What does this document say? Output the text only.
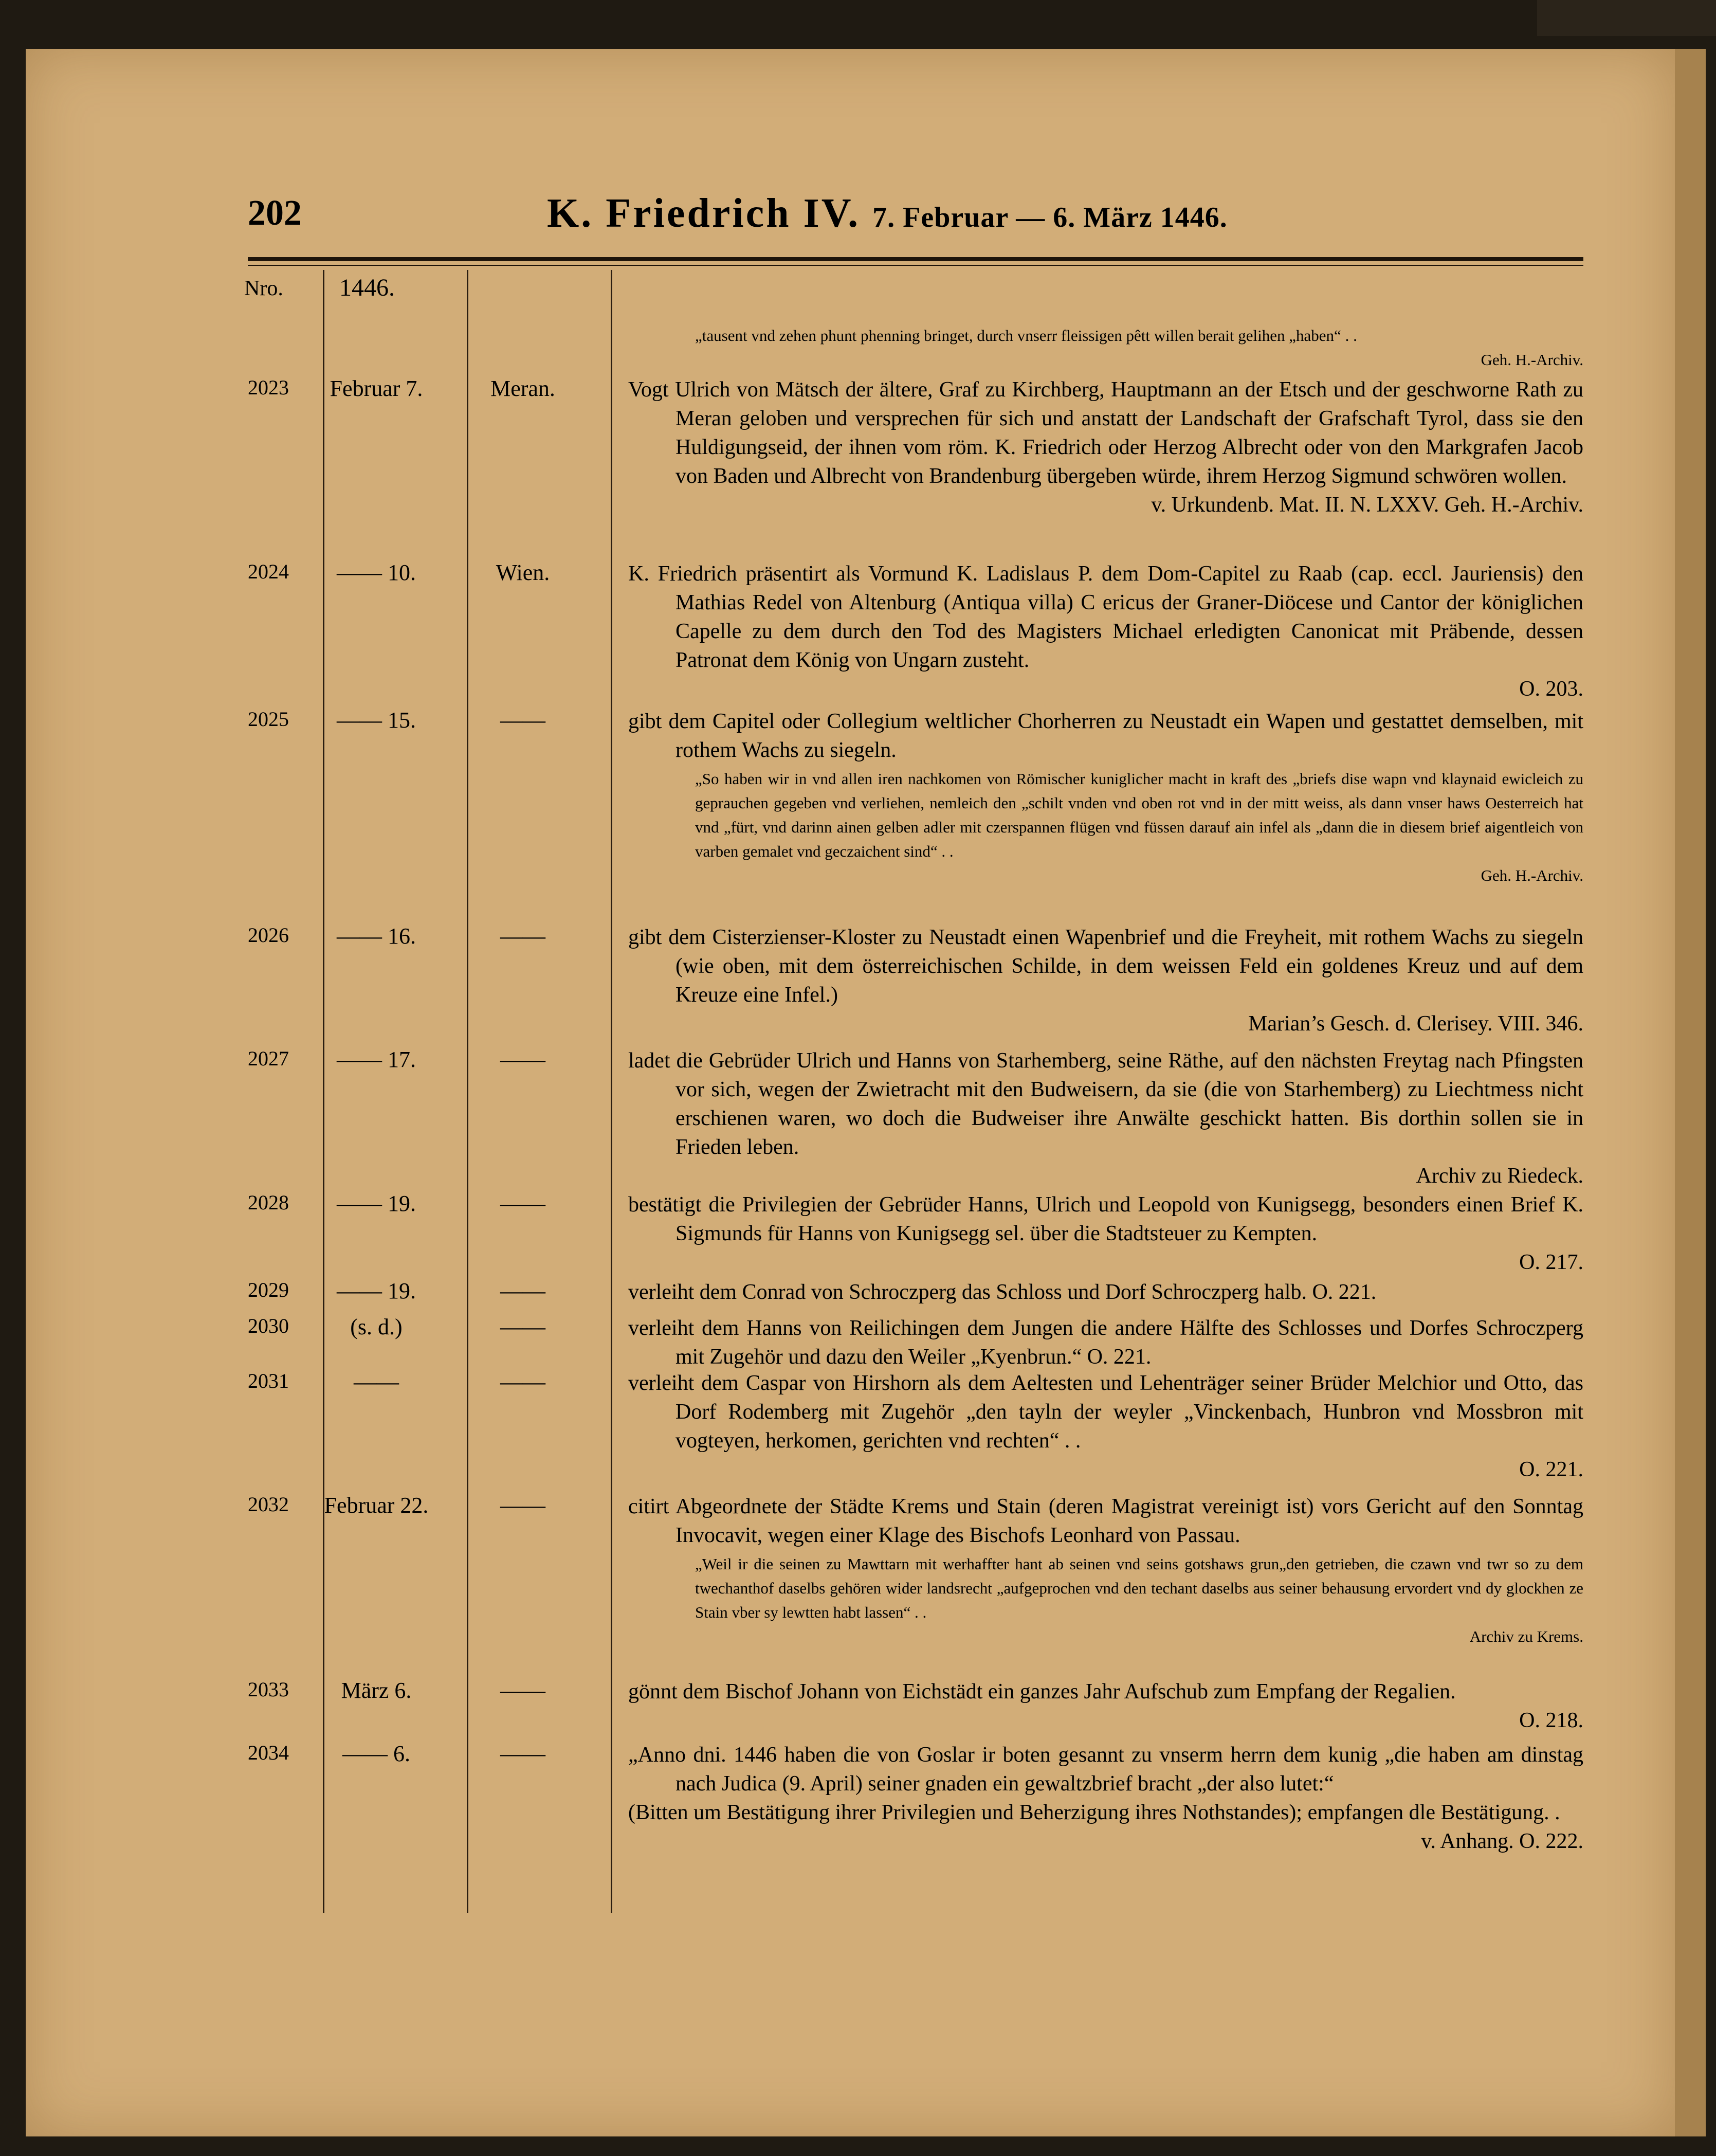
202	K. Friedrich IV. 7. Februar — 6. März 1446.
Nro. 1446.
„tausent vnd zehen phunt phenning bringet, durch vnserr fleissigen pêtt willen berait gelihen „haben“ . .
Geh. H.-Archiv.
2023	Februar 7.	Meran.	Vogt Ulrich von Mätsch der ältere, Graf zu Kirchberg, Hauptmann an der Etsch und der geschworne Rath zu Meran geloben und versprechen für sich und anstatt der Landschaft der Grafschaft Tyrol, dass sie den Huldigungseid, der ihnen vom röm. K. Friedrich oder Herzog Albrecht oder von den Markgrafen Jacob von Baden und Albrecht von Brandenburg übergeben würde, ihrem Herzog Sigmund schwören wollen.

v. Urkundenb. Mat. II. N. LXXV. Geh. H.-Archiv.
2024	—— 10.	Wien.	K. Friedrich präsentirt als Vormund K. Ladislaus P. dem Dom-Capitel zu Raab (cap. eccl. Jauriensis) den Mathias Redel von Altenburg (Antiqua villa) C ericus der Graner-Diöcese und Cantor der königlichen Capelle zu dem durch den Tod des Magisters Michael erledigten Canonicat mit Präbende, dessen Patronat dem König von Ungarn zusteht.

O. 203.
2025	—— 15.	——	gibt dem Capitel oder Collegium weltlicher Chorherren zu Neustadt ein Wapen und gestattet demselben, mit rothem Wachs zu siegeln.

„So haben wir in vnd allen iren nachkomen von Römischer kuniglicher macht in kraft des „briefs dise wapn vnd klaynaid ewicleich zu geprauchen gegeben vnd verliehen, nemleich den „schilt vnden vnd oben rot vnd in der mitt weiss, als dann vnser haws Oesterreich hat vnd „fürt, vnd darinn ainen gelben adler mit czerspannen flügen vnd füssen darauf ain infel als „dann die in diesem brief aigentleich von varben gemalet vnd geczaichent sind“ . .
Geh. H.-Archiv.
2026	—— 16.	——	gibt dem Cisterzienser-Kloster zu Neustadt einen Wapenbrief und die Freyheit, mit rothem Wachs zu siegeln (wie oben, mit dem österreichischen Schilde, in dem weissen Feld ein goldenes Kreuz und auf dem Kreuze eine Infel.)

Marian’s Gesch. d. Clerisey. VIII. 346.
2027	—— 17.	——	ladet die Gebrüder Ulrich und Hanns von Starhemberg, seine Räthe, auf den nächsten Freytag nach Pfingsten vor sich, wegen der Zwietracht mit den Budweisern, da sie (die von Starhemberg) zu Liechtmess nicht erschienen waren, wo doch die Budweiser ihre Anwälte geschickt hatten. Bis dorthin sollen sie in Frieden leben.

Archiv zu Riedeck.
2028	—— 19.	——	bestätigt die Privilegien der Gebrüder Hanns, Ulrich und Leopold von Kunigsegg, besonders einen Brief K. Sigmunds für Hanns von Kunigsegg sel. über die Stadtsteuer zu Kempten.

O. 217.
2029	—— 19.	——	verleiht dem Conrad von Schroczperg das Schloss und Dorf Schroczperg halb. O. 221.

2030	(s. d.)	——	verleiht dem Hanns von Reilichingen dem Jungen die andere Hälfte des Schlosses und Dorfes Schroczperg mit Zugehör und dazu den Weiler „Kyenbrun.“ O. 221.

2031	——	——	verleiht dem Caspar von Hirshorn als dem Aeltesten und Lehenträger seiner Brüder Melchior und Otto, das Dorf Rodemberg mit Zugehör „den tayln der weyler „Vinckenbach, Hunbron vnd Mossbron mit vogteyen, herkomen, gerichten vnd rechten“ . .

O. 221.
2032	Februar 22.	——	citirt Abgeordnete der Städte Krems und Stain (deren Magistrat vereinigt ist) vors Gericht auf den Sonntag Invocavit, wegen einer Klage des Bischofs Leonhard von Passau.

„Weil ir die seinen zu Mawttarn mit werhaffter hant ab seinen vnd seins gotshaws grun„den getrieben, die czawn vnd twr so zu dem twechanthof daselbs gehören wider landsrecht „aufgeprochen vnd den techant daselbs aus seiner behausung ervordert vnd dy glockhen ze Stain vber sy lewtten habt lassen“ . .
Archiv zu Krems.
2033	März 6.	——	gönnt dem Bischof Johann von Eichstädt ein ganzes Jahr Aufschub zum Empfang der Regalien.

O. 218.
2034	—— 6.	——	„Anno dni. 1446 haben die von Goslar ir boten gesannt zu vnserm herrn dem kunig „die haben am dinstag nach Judica (9. April) seiner gnaden ein gewaltzbrief bracht „der also lutet:“

(Bitten um Bestätigung ihrer Privilegien und Beherzigung ihres Nothstandes); empfangen dle Bestätigung. .

v. Anhang. O. 222.
